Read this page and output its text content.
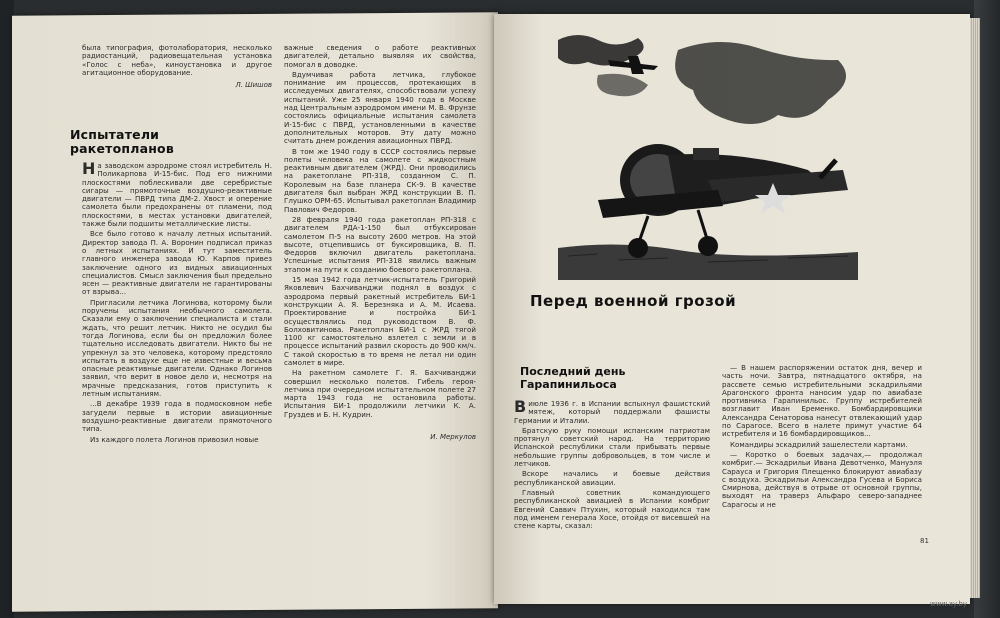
была типография, фотолаборатория, несколько радиостанций, радиовещательная установка «Голос с неба», киноустановка и другое агитационное оборудование.

Л. Шишов
Испытатели
ракетопланов

На заводском аэродроме стоял истребитель Н. Поликарпова И-15-бис. Под его нижними плоскостями поблескивали две серебристые сигары — прямоточные воздушно-реактивные двигатели — ПВРД типа ДМ-2. Хвост и оперение самолета были предохранены от пламени, под плоскостями, в местах установки двигателей, также были подшиты металлические листы.

Все было готово к началу летных испытаний. Директор завода П. А. Воронин подписал приказ о летных испытаниях. И тут заместитель главного инженера завода Ю. Карпов привез заключение одного из видных авиационных специалистов. Смысл заключения был предельно ясен — реактивные двигатели не гарантированы от взрыва...

Пригласили летчика Логинова, которому были поручены испытания необычного самолета. Сказали ему о заключении специалиста и стали ждать, что решит летчик. Никто не осудил бы тогда Логинова, если бы он предложил более тщательно исследовать двигатели. Никто бы не упрекнул за это человека, которому предстояло испытать в воздухе еще не известные и весьма опасные реактивные двигатели. Однако Логинов заявил, что верит в новое дело и, несмотря на мрачные предсказания, готов приступить к летным испытаниям.

...В декабре 1939 года в подмосковном небе загудели первые в истории авиационные воздушно-реактивные двигатели прямоточного типа.

Из каждого полета Логинов привозил новые

важные сведения о работе реактивных двигателей, детально выявляя их свойства, помогал в доводке.

Вдумчивая работа летчика, глубокое понимание им процессов, протекающих в исследуемых двигателях, способствовали успеху испытаний. Уже 25 января 1940 года в Москве над Центральным аэродромом имени М. В. Фрунзе состоялись официальные испытания самолета И-15-бис с ПВРД, установленными в качестве дополнительных моторов. Эту дату можно считать днем рождения авиационных ПВРД.

В том же 1940 году в СССР состоялись первые полеты человека на самолете с жидкостным реактивным двигателем (ЖРД). Они проводились на ракетоплане РП-318, созданном С. П. Королевым на базе планера СК-9. В качестве двигателя был выбран ЖРД конструкции В. П. Глушко ОРМ-65. Испытывал ракетоплан Владимир Павлович Федоров.

28 февраля 1940 года ракетоплан РП-318 с двигателем РДА-1-150 был отбуксирован самолетом П-5 на высоту 2600 метров. На этой высоте, отцепившись от буксировщика, В. П. Федоров включил двигатель ракетоплана. Успешные испытания РП-318 явились важным этапом на пути к созданию боевого ракетоплана.

15 мая 1942 года летчик-испытатель Григорий Яковлевич Бахчиванджи поднял в воздух с аэродрома первый ракетный истребитель БИ-1 конструкции А. Я. Березняка и А. М. Исаева. Проектирование и постройка БИ-1 осуществлялись под руководством В. Ф. Болховитинова. Ракетоплан БИ-1 с ЖРД тягой 1100 кг самостоятельно взлетел с земли и в процессе испытаний развил скорость до 900 км/ч. С такой скоростью в то время не летал ни один самолет в мире.

На ракетном самолете Г. Я. Бахчиванджи совершил несколько полетов. Гибель героя-летчика при очередном испытательном полете 27 марта 1943 года не остановила работы. Испытания БИ-1 продолжили летчики К. А. Груздев и Б. Н. Кудрин.

И. Меркулов
Перед военной грозой
Последний день
Гарапинильоса

Виюле 1936 г. в Испании вспыхнул фашистский мятеж, который поддержали фашисты Германии и Италии.

Братскую руку помощи испанским патриотам протянул советский народ. На территорию Испанской республики стали прибывать первые небольшие группы добровольцев, в том числе и летчиков.

Вскоре начались и боевые действия республиканской авиации.

Главный советник командующего республиканской авиацией в Испании комбриг Евгений Саввич Птухин, который находился там под именем генерала Хосе, отойдя от висевшей на стене карты, сказал:

— В нашем распоряжении остаток дня, вечер и часть ночи. Завтра, пятнадцатого октября, на рассвете семью истребительными эскадрильями Арагонского фронта наносим удар по авиабазе противника Гарапинильос. Группу истребителей возглавит Иван Еременко. Бомбардировщики Александра Сенаторова нанесут отвлекающий удар по Сарагосе. Всего в налете примут участие 64 истребителя и 16 бомбардировщиков...

Командиры эскадрилий зашелестели картами.

— Коротко о боевых задачах,— продолжал комбриг.— Эскадрильи Ивана Девотченко, Мануэля Сарауса и Григория Плещенко блокируют авиабазу с воздуха. Эскадрильи Александра Гусева и Бориса Смирнова, действуя в отрыве от основной группы, выходят на траверз Альфаро северо-западнее Сарагосы и не

81
www.ay.by
